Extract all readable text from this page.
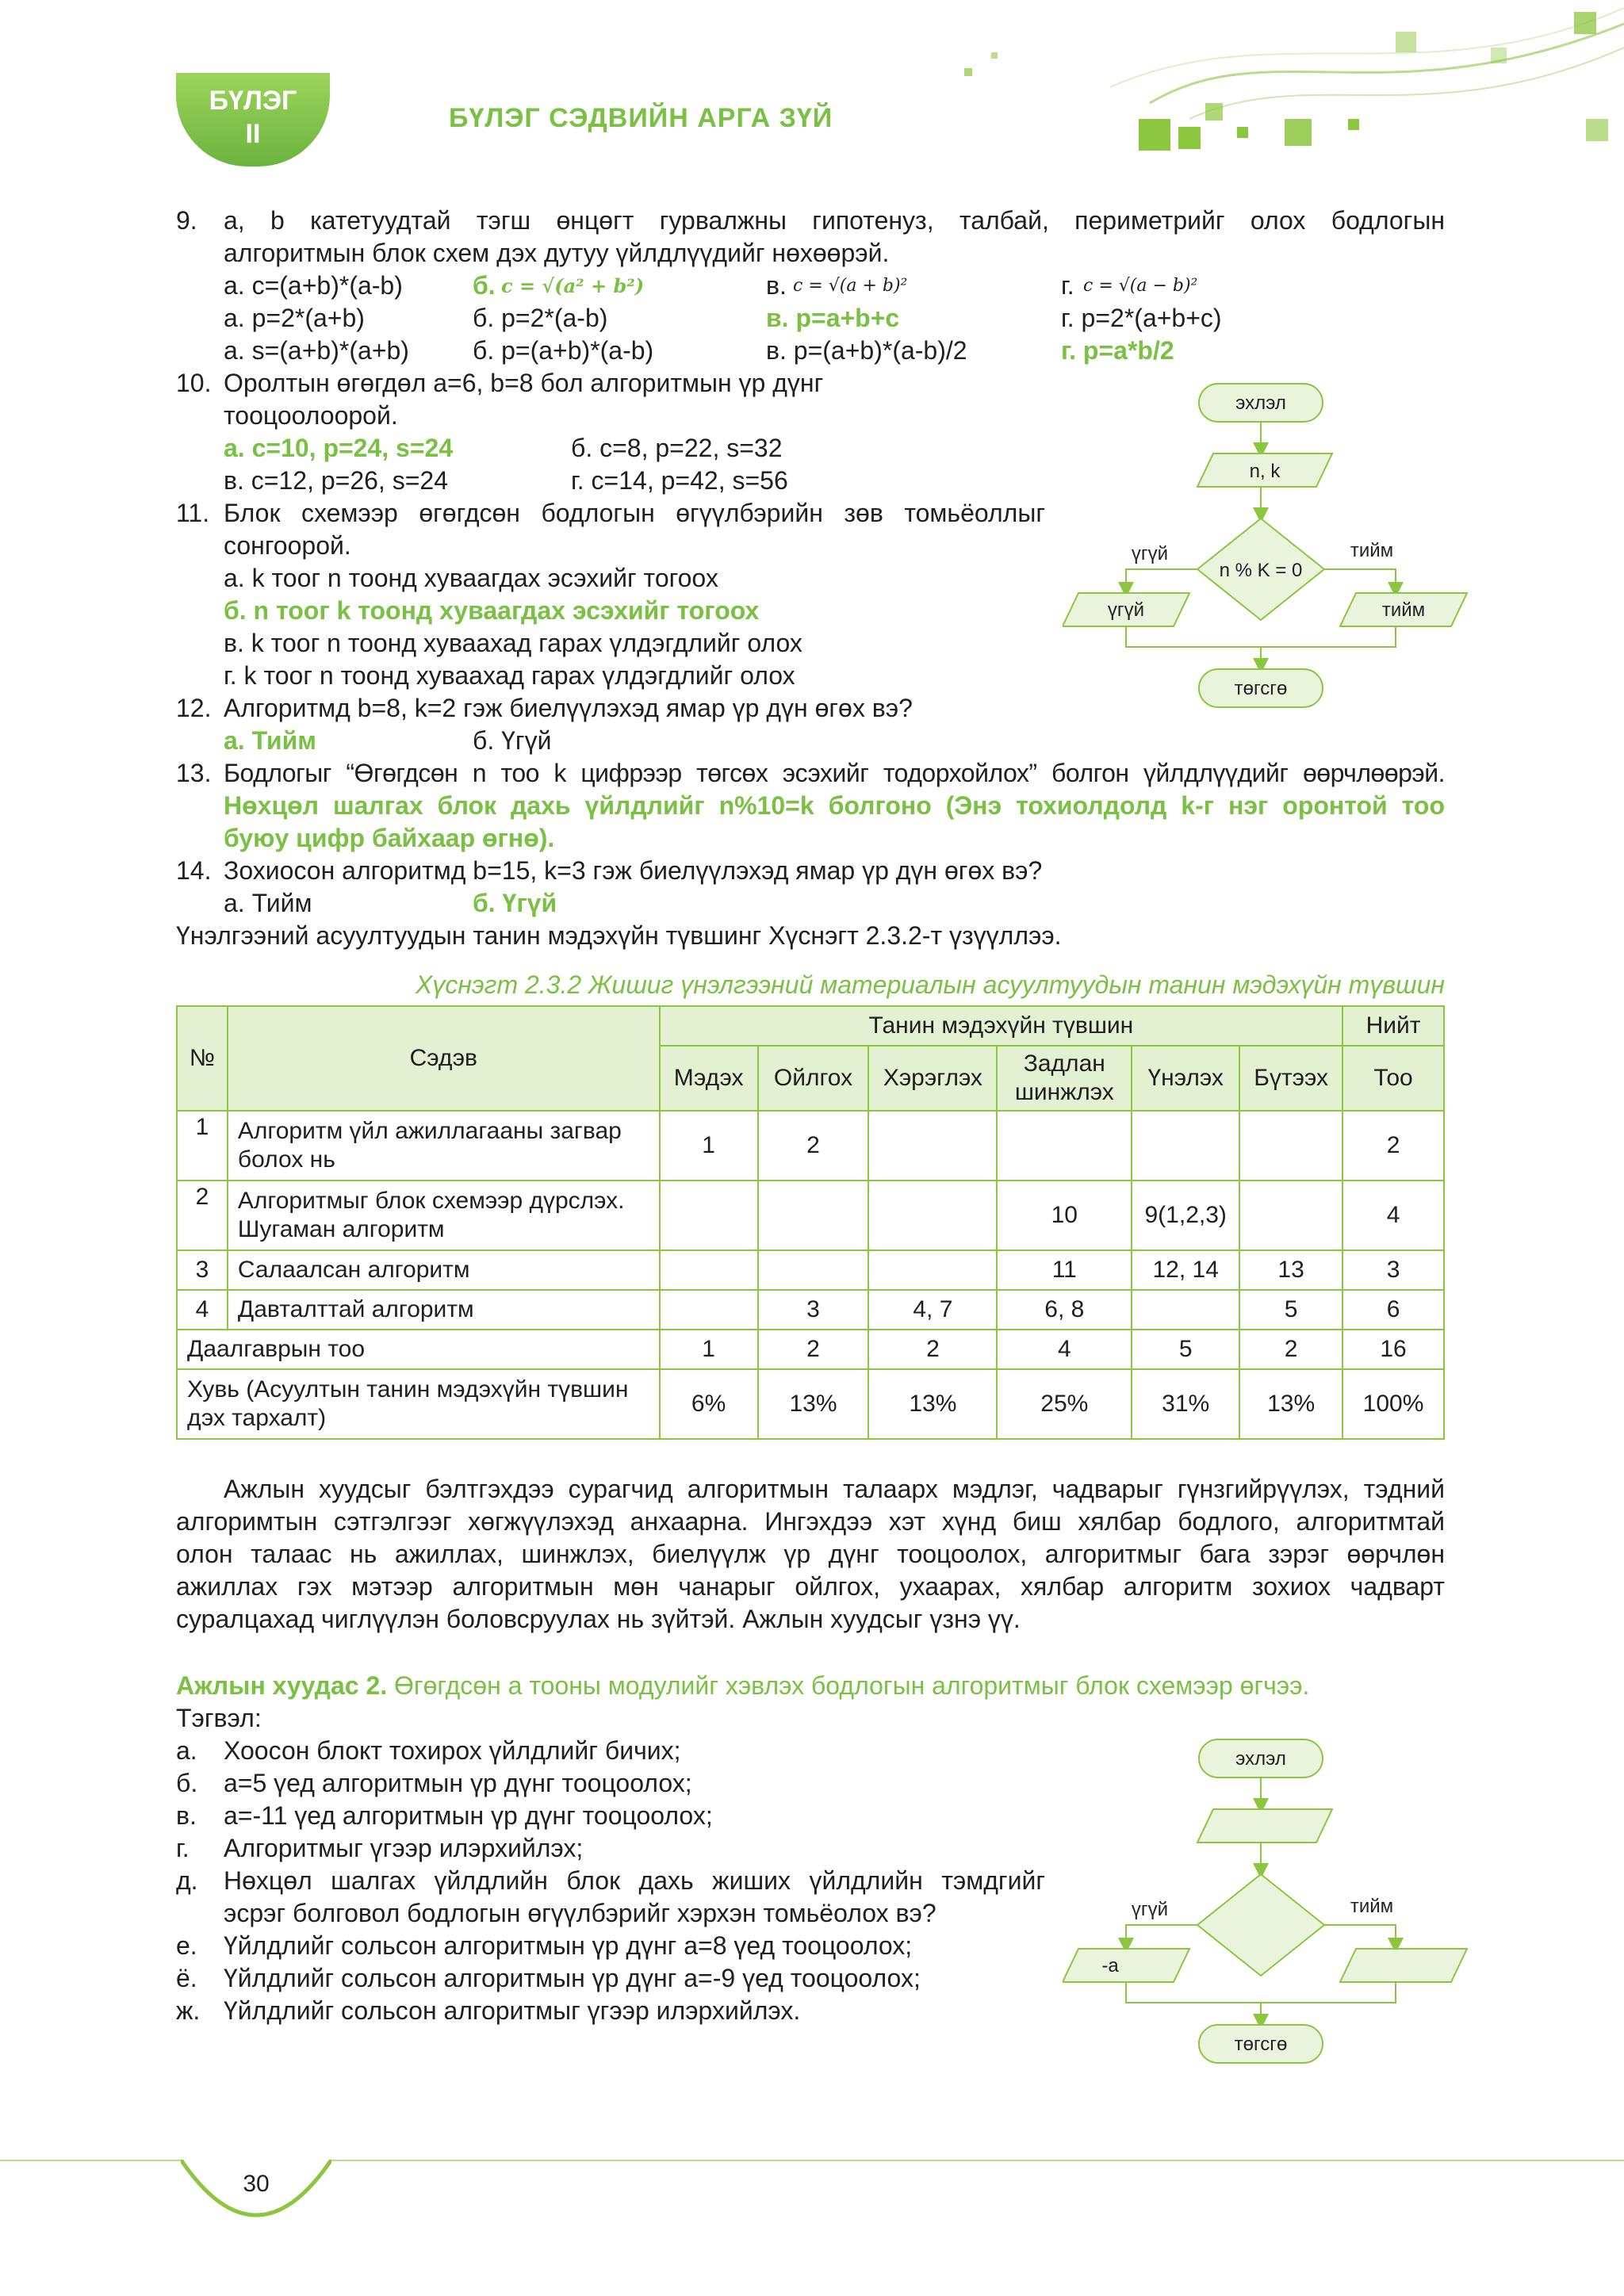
БҮЛЭГ
II
БҮЛЭГ СЭДВИЙН АРГА ЗҮЙ
9. a, b катетуудтай тэгш өнцөгт гурвалжны гипотенуз, талбай, периметрийг олох бодлогын
алгоритмын блок схем дэх дутуу үйлдлүүдийг нөхөөрэй.
а. c=(a+b)*(a-b)	б. c = √(a² + b²)	в. c = √(a + b)²	г. c = √(a − b)²
а. p=2*(a+b)	б. p=2*(a-b)	в. p=a+b+c	г. p=2*(a+b+c)
а. s=(a+b)*(a+b)	б. p=(a+b)*(a-b)	в. p=(a+b)*(a-b)/2	г. p=a*b/2
10. Оролтын өгөгдөл a=6, b=8 бол алгоритмын үр дүнг
тооцоолоорой.
а. c=10, p=24, s=24	б. c=8, p=22, s=32
в. c=12, p=26, s=24	г. c=14, p=42, s=56
11. Блок схемээр өгөгдсөн бодлогын өгүүлбэрийн зөв томьёоллыг
сонгоорой.
а. k тоог n тоонд хуваагдах эсэхийг тогоох
б. n тоог k тоонд хуваагдах эсэхийг тогоох
в. k тоог n тоонд хуваахад гарах үлдэгдлийг олох
г. k тоог n тоонд хуваахад гарах үлдэгдлийг олох
12. Алгоритмд b=8, k=2 гэж биелүүлэхэд ямар үр дүн өгөх вэ?
а. Тийм	б. Үгүй
13. Бодлогыг “Өгөгдсөн n тоо k цифрээр төгсөх эсэхийг тодорхойлох” болгон үйлдлүүдийг өөрчлөөрэй.
Нөхцөл шалгах блок дахь үйлдлийг n%10=k болгоно (Энэ тохиолдолд k-г нэг оронтой тоо
буюу цифр байхаар өгнө).
14. Зохиосон алгоритмд b=15, k=3 гэж биелүүлэхэд ямар үр дүн өгөх вэ?
а. Тийм	б. Үгүй
Үнэлгээний асуултуудын танин мэдэхүйн түвшинг Хүснэгт 2.3.2-т үзүүллээ.
Хүснэгт 2.3.2 Жишиг үнэлгээний материалын асуултуудын танин мэдэхүйн түвшин
№	Сэдэв	Танин мэдэхүйн түвшин						Нийт
		Мэдэх	Ойлгох	Хэрэглэх	Задлан шинжлэх	Үнэлэх	Бүтээх	Тоо
1	Алгоритм үйл ажиллагааны загвар болох нь	1	2					2
2	Алгоритмыг блок схемээр дүрслэх. Шугаман алгоритм				10	9(1,2,3)		4
3	Салаалсан алгоритм				11	12, 14	13	3
4	Давталттай алгоритм		3	4, 7	6, 8		5	6
Даалгаврын тоо		1	2	2	4	5	2	16
Хувь (Асуултын танин мэдэхүйн түвшин дэх тархалт)		6%	13%	13%	25%	31%	13%	100%
Ажлын хуудсыг бэлтгэхдээ сурагчид алгоритмын талаарх мэдлэг, чадварыг гүнзгийрүүлэх, тэдний
алгоримтын сэтгэлгээг хөгжүүлэхэд анхаарна. Ингэхдээ хэт хүнд биш хялбар бодлого, алгоритмтай
олон талаас нь ажиллах, шинжлэх, биелүүлж үр дүнг тооцоолох, алгоритмыг бага зэрэг өөрчлөн
ажиллах гэх мэтээр алгоритмын мөн чанарыг ойлгох, ухаарах, хялбар алгоритм зохиох чадварт
суралцахад чиглүүлэн боловсруулах нь зүйтэй. Ажлын хуудсыг үзнэ үү.
Ажлын хуудас 2. Өгөгдсөн a тооны модулийг хэвлэх бодлогын алгоритмыг блок схемээр өгчээ.
Тэгвэл:
а. Хоосон блокт тохирох үйлдлийг бичих;
б. a=5 үед алгоритмын үр дүнг тооцоолох;
в. a=-11 үед алгоритмын үр дүнг тооцоолох;
г. Алгоритмыг үгээр илэрхийлэх;
д. Нөхцөл шалгах үйлдлийн блок дахь жиших үйлдлийн тэмдгийг
эсрэг болговол бодлогын өгүүлбэрийг хэрхэн томьёолох вэ?
е. Үйлдлийг сольсон алгоритмын үр дүнг a=8 үед тооцоолох;
ё. Үйлдлийг сольсон алгоритмын үр дүнг a=-9 үед тооцоолох;
ж. Үйлдлийг сольсон алгоритмыг үгээр илэрхийлэх.
эхлэл
n, k
n % K = 0
үгүй	тийм
үгүй	тийм
төгсгө
эхлэл
үгүй	тийм
-a
төгсгө
30
